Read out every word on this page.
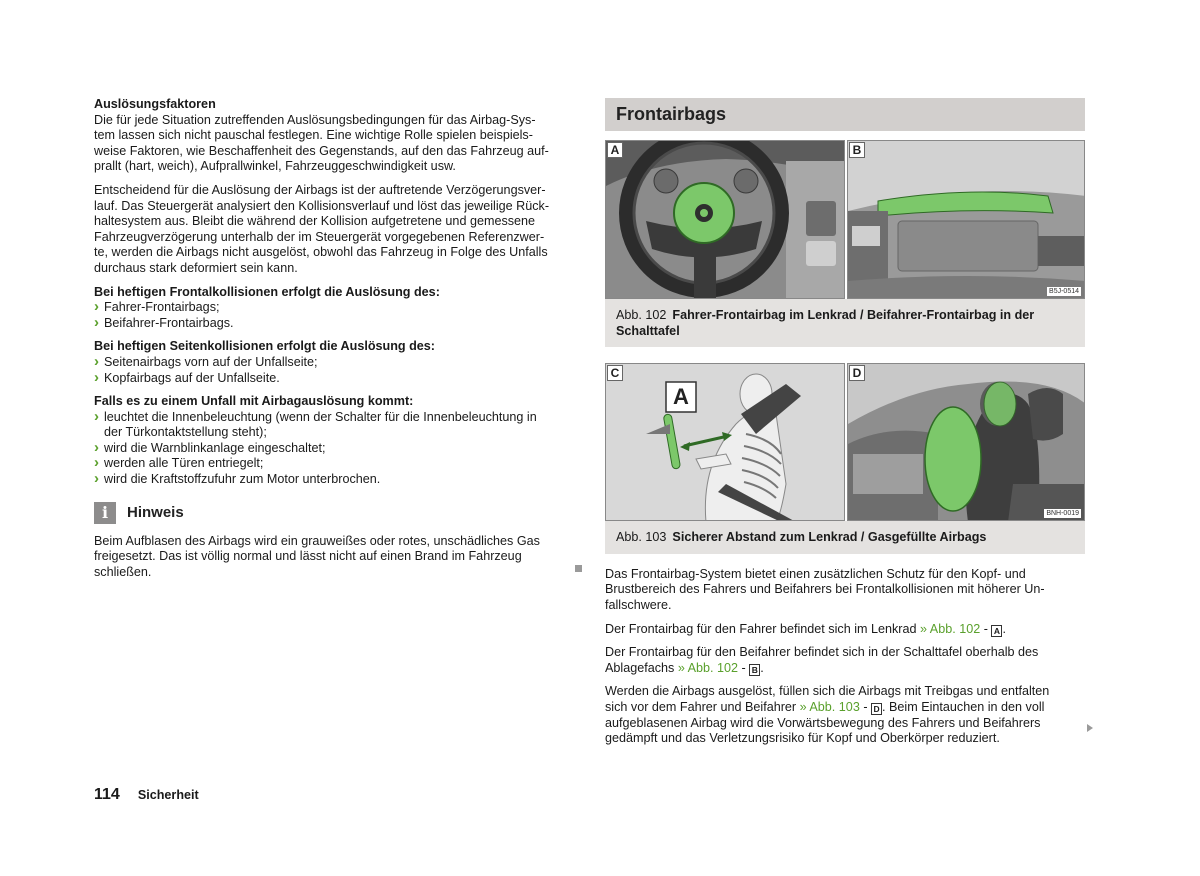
Auslösungsfaktoren
Die für jede Situation zutreffenden Auslösungsbedingungen für das Airbag-Sys-
tem lassen sich nicht pauschal festlegen. Eine wichtige Rolle spielen beispiels-
weise Faktoren, wie Beschaffenheit des Gegenstands, auf den das Fahrzeug auf-
prallt (hart, weich), Aufprallwinkel, Fahrzeuggeschwindigkeit usw.
Entscheidend für die Auslösung der Airbags ist der auftretende Verzögerungsver-
lauf. Das Steuergerät analysiert den Kollisionsverlauf und löst das jeweilige Rück-
haltesystem aus. Bleibt die während der Kollision aufgetretene und gemessene
Fahrzeugverzögerung unterhalb der im Steuergerät vorgegebenen Referenzwer-
te, werden die Airbags nicht ausgelöst, obwohl das Fahrzeug in Folge des Unfalls
durchaus stark deformiert sein kann.
Bei heftigen Frontalkollisionen erfolgt die Auslösung des:
› Fahrer-Frontairbags;
› Beifahrer-Frontairbags.
Bei heftigen Seitenkollisionen erfolgt die Auslösung des:
› Seitenairbags vorn auf der Unfallseite;
› Kopfairbags auf der Unfallseite.
Falls es zu einem Unfall mit Airbagauslösung kommt:
› leuchtet die Innenbeleuchtung (wenn der Schalter für die Innenbeleuchtung in
der Türkontaktstellung steht);
› wird die Warnblinkanlage eingeschaltet;
› werden alle Türen entriegelt;
› wird die Kraftstoffzufuhr zum Motor unterbrochen.
i	Hinweis
Beim Aufblasen des Airbags wird ein grauweißes oder rotes, unschädliches Gas
freigesetzt. Das ist völlig normal und lässt nicht auf einen Brand im Fahrzeug
schließen.
Frontairbags
A	B
B5J-0514
Abb. 102 Fahrer-Frontairbag im Lenkrad / Beifahrer-Frontairbag in der
Schalttafel
A
C	D
BNH-0019
Abb. 103 Sicherer Abstand zum Lenkrad / Gasgefüllte Airbags
Das Frontairbag-System bietet einen zusätzlichen Schutz für den Kopf- und
Brustbereich des Fahrers und Beifahrers bei Frontalkollisionen mit höherer Un-
fallschwere.
Der Frontairbag für den Fahrer befindet sich im Lenkrad » Abb. 102 - A .
Der Frontairbag für den Beifahrer befindet sich in der Schalttafel oberhalb des
Ablagefachs » Abb. 102 - B .
Werden die Airbags ausgelöst, füllen sich die Airbags mit Treibgas und entfalten
sich vor dem Fahrer und Beifahrer » Abb. 103 - D . Beim Eintauchen in den voll
aufgeblasenen Airbag wird die Vorwärtsbewegung des Fahrers und Beifahrers
gedämpft und das Verletzungsrisiko für Kopf und Oberkörper reduziert.
114 Sicherheit
